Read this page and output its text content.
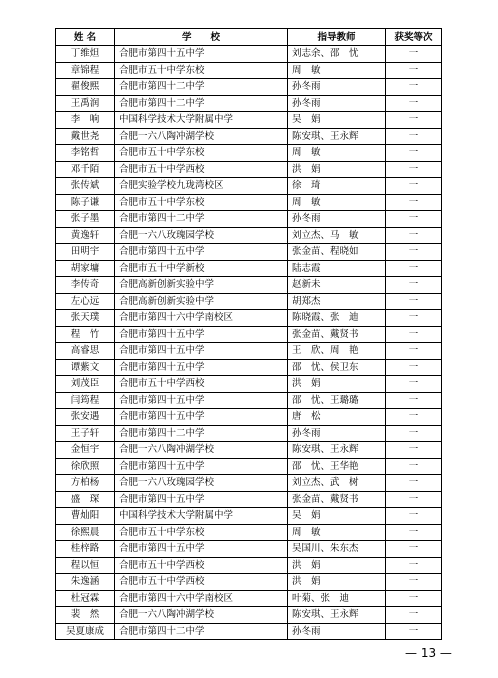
姓 名	学　　校	指导教师	获奖等次
丁维炟	合肥市第四十五中学	刘志余、邵　忧	一
章锦程	合肥市五十中学东校	周　敏	一
翟俊熙	合肥市第四十二中学	孙冬雨	一
王禹润	合肥市第四十二中学	孙冬雨	一
李　响	中国科学技术大学附属中学	吴　娟	一
戴世尧	合肥一六八陶冲湖学校	陈安琪、王永辉	一
李铭哲	合肥市五十中学东校	周　敏	一
邓千陌	合肥市五十中学西校	洪　娟	一
张传斌	合肥实验学校九珑湾校区	徐　琦	一
陈子谦	合肥市五十中学东校	周　敏	一
张子墨	合肥市第四十二中学	孙冬雨	一
黄逸轩	合肥一六八玫瑰园学校	刘立杰、马　敏	一
田明宇	合肥市第四十五中学	张金苗、程晓如	一
胡家墉	合肥市五十中学新校	陆志霞	一
李传奇	合肥高新创新实验中学	赵新未	一
左心远	合肥高新创新实验中学	胡郑杰	一
张天璞	合肥市第四十六中学南校区	陈晓霞、张　迪	一
程　竹	合肥市第四十五中学	张金苗、戴贤书	一
高睿思	合肥市第四十五中学	王　欣、周　艳	一
谭紫文	合肥市第四十五中学	邵　忧、侯卫东	一
刘茂臣	合肥市五十中学西校	洪　娟	一
闫筠程	合肥市第四十五中学	邵　忧、王璐璐	一
张安遇	合肥市第四十五中学	唐　松	一
王子轩	合肥市第四十二中学	孙冬雨	一
金恒宇	合肥一六八陶冲湖学校	陈安琪、王永辉	一
徐欣照	合肥市第四十五中学	邵　忧、王华艳	一
方柏杨	合肥一六八玫瑰园学校	刘立杰、武　树	一
盛　琛	合肥市第四十五中学	张金苗、戴贤书	一
曹灿阳	中国科学技术大学附属中学	吴　娟	一
徐熙晨	合肥市五十中学东校	周　敏	一
桂梓路	合肥市第四十五中学	吴国川、朱东杰	一
程以恒	合肥市五十中学西校	洪　娟	一
朱逸涵	合肥市五十中学西校	洪　娟	一
杜冠霖	合肥市第四十六中学南校区	叶菊、张　迪	一
裴　然	合肥一六八陶冲湖学校	陈安琪、王永辉	一
吴夏康成	合肥市第四十二中学	孙冬雨	一
— 13 —
